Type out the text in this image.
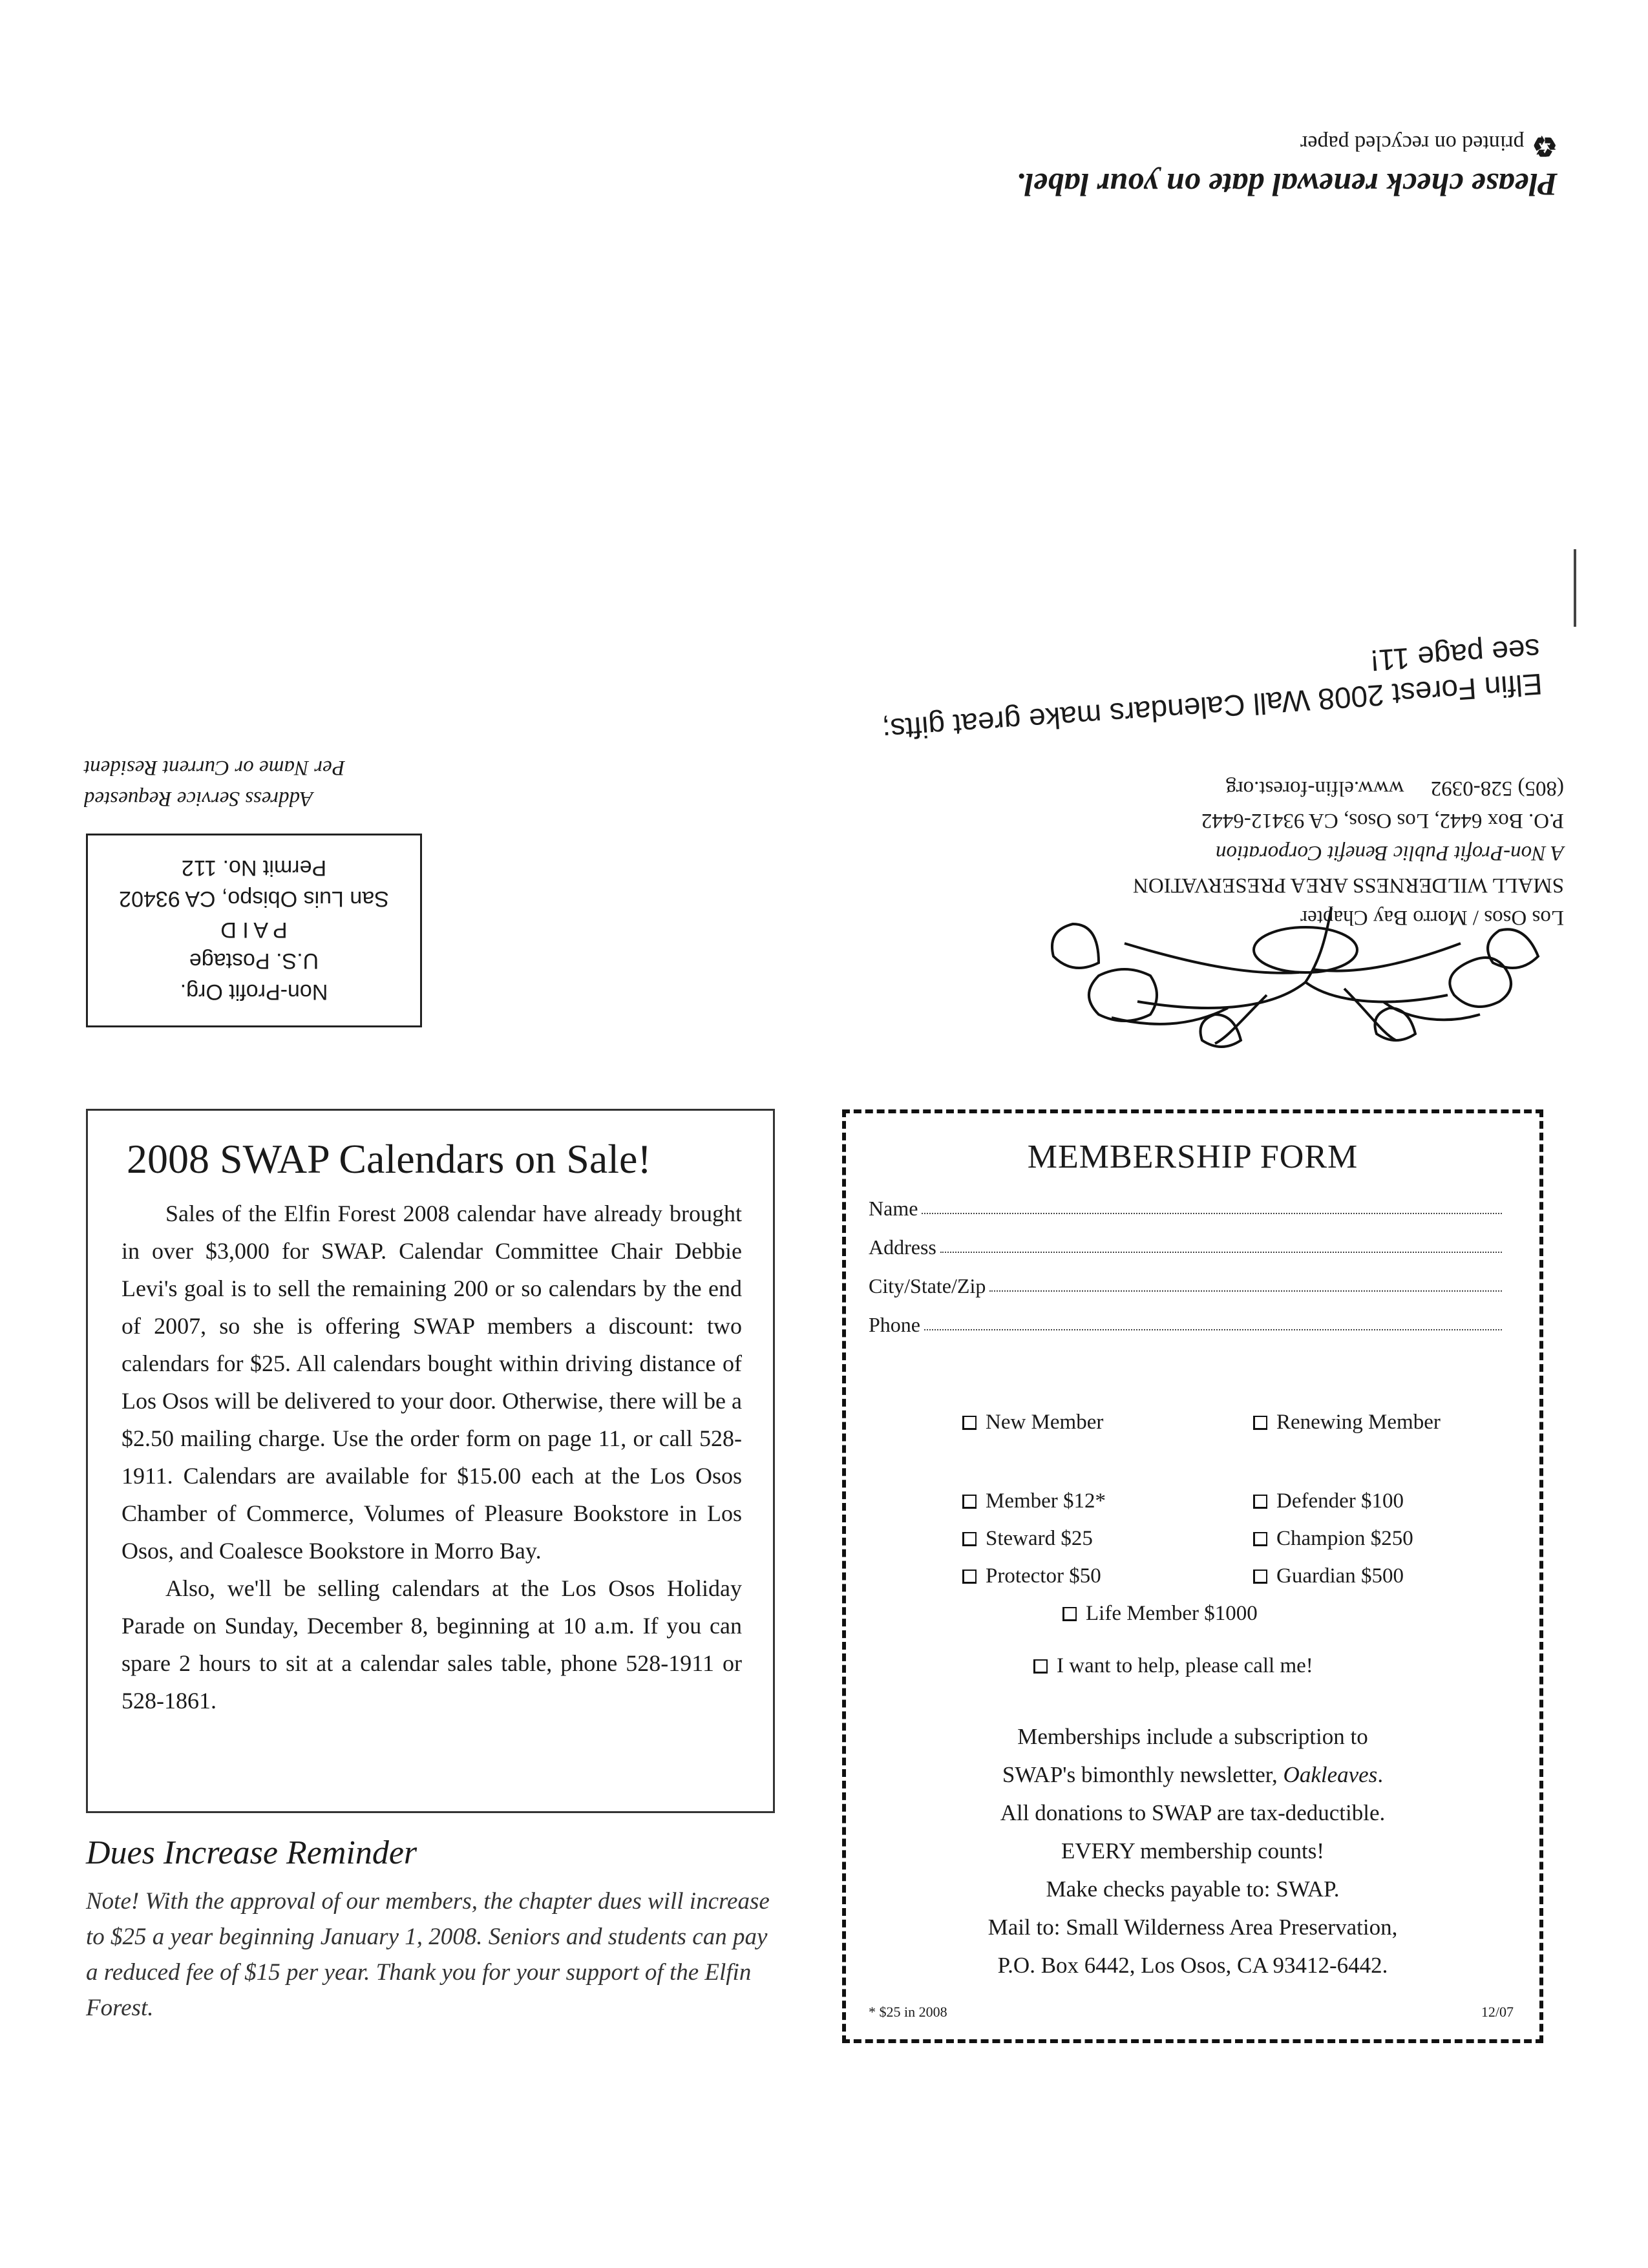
Please check renewal date on your label.
♻printed on recycled paper
Elfin Forest 2008 Wall Calendars make great gifts;
see page 11!
Los Osos / Morro Bay Chapter
SMALL WILDERNESS AREA PRESERVATION
A Non-Profit Public Benefit Corporation
P.O. Box 6442, Los Osos, CA 93412-6442
(805) 528-0392     www.elfin-forest.org
Address Service Requested
Per Name or Current Resident
Non-Profit Org.
U.S. Postage
P A I D
San Luis Obispo, CA 93402
Permit No. 112
2008 SWAP Calendars on Sale!

Sales of the Elfin Forest 2008 calendar have already brought in over $3,000 for SWAP. Calendar Committee Chair Debbie Levi's goal is to sell the remaining 200 or so calendars by the end of 2007, so she is offering SWAP members a discount: two calendars for $25. All calendars bought within driving distance of Los Osos will be delivered to your door. Otherwise, there will be a $2.50 mailing charge. Use the order form on page 11, or call 528-1911. Calendars are available for $15.00 each at the Los Osos Chamber of Commerce, Volumes of Pleasure Bookstore in Los Osos, and Coalesce Bookstore in Morro Bay.

Also, we'll be selling calendars at the Los Osos Holiday Parade on Sunday, December 8, beginning at 10 a.m. If you can spare 2 hours to sit at a calendar sales table, phone 528-1911 or 528-1861.

Dues Increase Reminder
Note! With the approval of our members, the chapter dues will increase to $25 a year beginning January 1, 2008. Seniors and students can pay a reduced fee of $15 per year. Thank you for your support of the Elfin Forest.
MEMBERSHIP FORM
Name
Address
City/State/Zip
Phone
New Member	Renewing Member
Member $12*	Defender $100
Steward $25	Champion $250
Protector $50	Guardian $500
Life Member $1000
I want to help, please call me!
Memberships include a subscription to
SWAP's bimonthly newsletter, Oakleaves.
All donations to SWAP are tax-deductible.
EVERY membership counts!
Make checks payable to: SWAP.
Mail to: Small Wilderness Area Preservation,
P.O. Box 6442, Los Osos, CA 93412-6442.
* $25 in 2008	12/07
